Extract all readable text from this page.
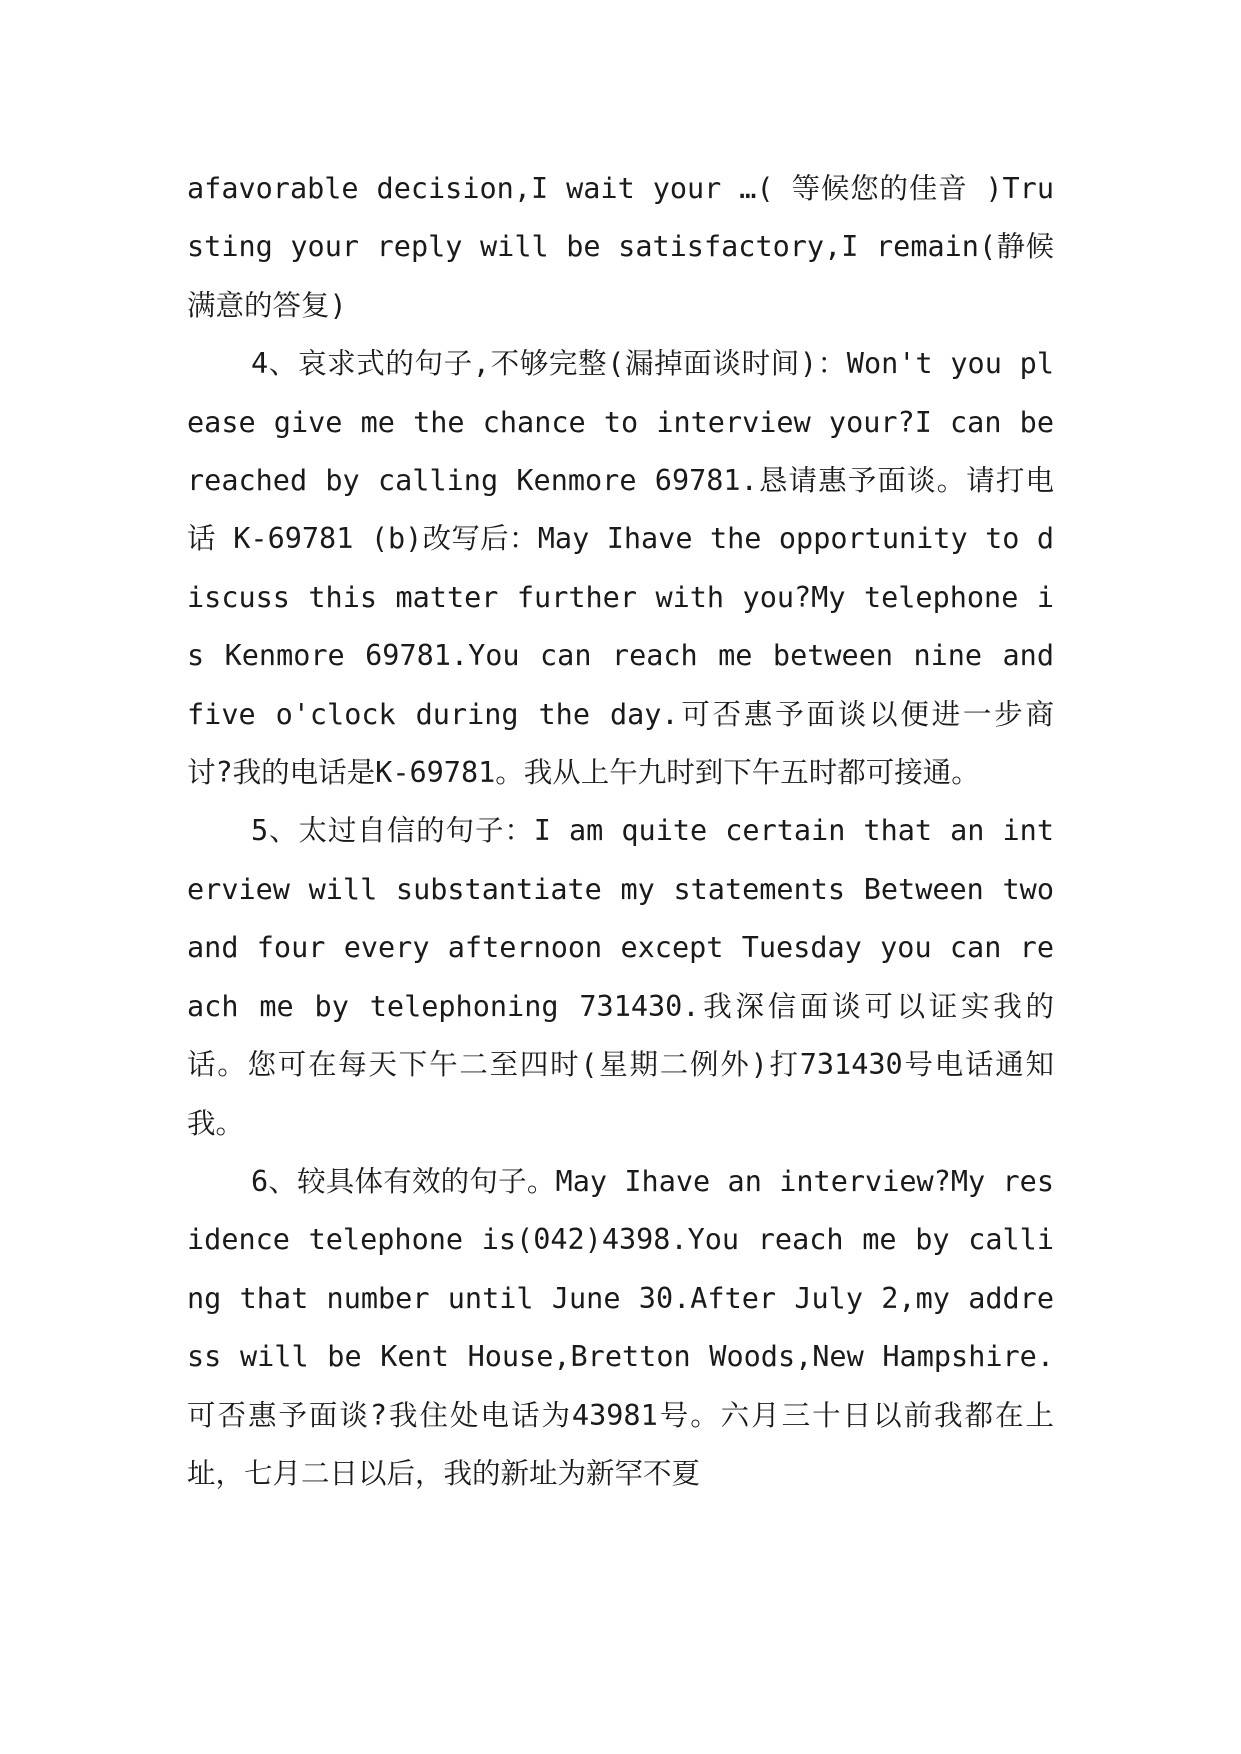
afavorable decision,I wait your …( 等候您的佳音 )Trusting your reply will be satisfactory,I remain(静候满意的答复)

4、哀求式的句子,不够完整(漏掉面谈时间)：Won't you please give me the chance to interview your?I can be reached by calling Kenmore 69781.恳请惠予面谈。请打电话 K-69781 (b)改写后：May Ihave the opportunity to discuss this matter further with you?My telephone is Kenmore 69781.You can reach me between nine and five o'clock during the day.可否惠予面谈以便进一步商讨?我的电话是K-69781。我从上午九时到下午五时都可接通。

5、太过自信的句子：I am quite certain that an interview will substantiate my statements Between two and four every afternoon except Tuesday you can reach me by telephoning 731430.我深信面谈可以证实我的话。您可在每天下午二至四时(星期二例外)打731430号电话通知我。

6、较具体有效的句子。May Ihave an interview?My residence telephone is(042)4398.You reach me by calling that number until June 30.After July 2,my address will be Kent House,Bretton Woods,New Hampshire.可否惠予面谈?我住处电话为43981号。六月三十日以前我都在上址，七月二日以后，我的新址为新罕不夏
